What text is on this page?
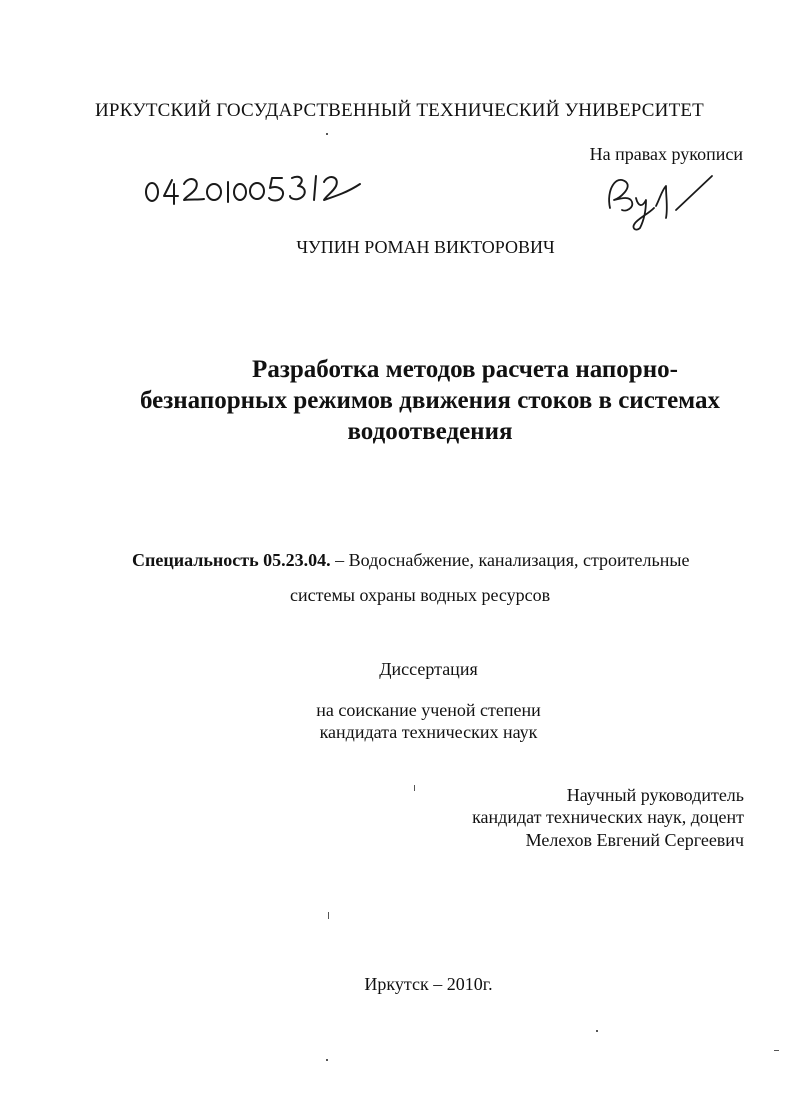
ИРКУТСКИЙ ГОСУДАРСТВЕННЫЙ ТЕХНИЧЕСКИЙ УНИВЕРСИТЕТ
На правах рукописи
ЧУПИН РОМАН ВИКТОРОВИЧ
Разработка методов расчета напорно-
безнапорных режимов движения стоков в системах
водоотведения
Специальность 05.23.04. – Водоснабжение, канализация, строительные
системы охраны водных ресурсов
Диссертация
на соискание ученой степени
кандидата технических наук
Научный руководитель
кандидат технических наук, доцент
Мелехов Евгений Сергеевич
Иркутск – 2010г.
